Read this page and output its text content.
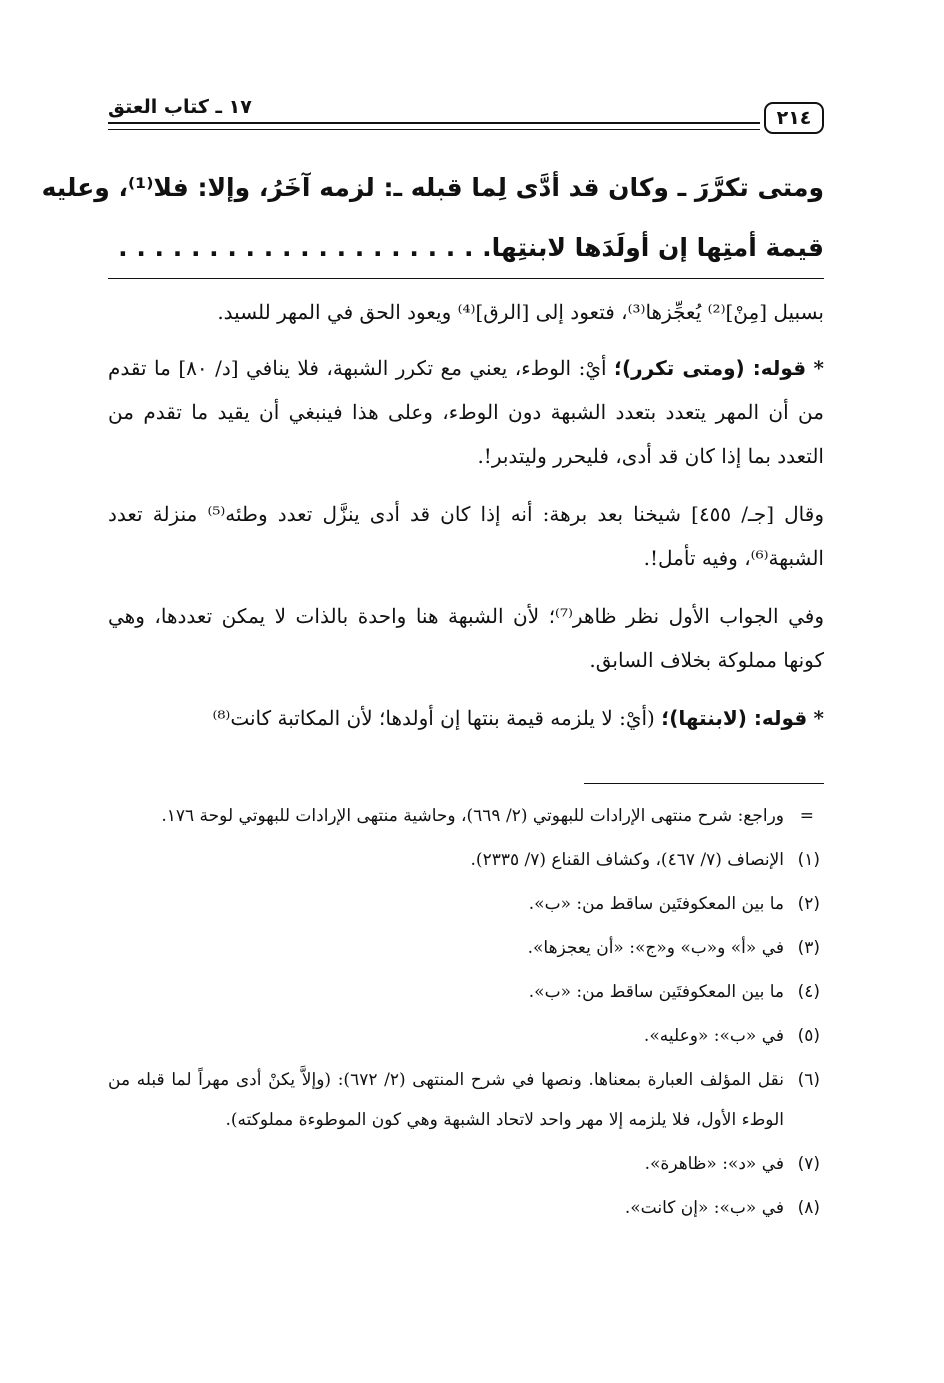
٢١٤
١٧ ـ كتاب العتق
ومتى تكرَّرَ ـ وكان قد أدَّى لِما قبله ـ: لزمه آخَرُ، وإلا: فلا⁽¹⁾، وعليه
قيمة أمتِها إن أولَدَها لابنتِها. . . . . . . . . . . . . . . . . . . . .

بسبيل [مِنْ]⁽²⁾ يُعجِّزها⁽³⁾، فتعود إلى [الرق]⁽⁴⁾ ويعود الحق في المهر للسيد.

* قوله: (ومتى تكرر)؛ أيْ: الوطء، يعني مع تكرر الشبهة، فلا ينافي [د/ ٨٠] ما تقدم من أن المهر يتعدد بتعدد الشبهة دون الوطء، وعلى هذا فينبغي أن يقيد ما تقدم من التعدد بما إذا كان قد أدى، فليحرر وليتدبر!.

وقال [جـ/ ٤٥٥] شيخنا بعد برهة: أنه إذا كان قد أدى ينزَّل تعدد وطئه⁽⁵⁾ منزلة تعدد الشبهة⁽⁶⁾، وفيه تأمل!.

وفي الجواب الأول نظر ظاهر⁽⁷⁾؛ لأن الشبهة هنا واحدة بالذات لا يمكن تعددها، وهي كونها مملوكة بخلاف السابق.

* قوله: (لابنتها)؛ (أيْ: لا يلزمه قيمة بنتها إن أولدها؛ لأن المكاتبة كانت⁽⁸⁾

=
وراجع: شرح منتهى الإرادات للبهوتي (٢/ ٦٦٩)، وحاشية منتهى الإرادات للبهوتي لوحة ١٧٦.
(١)
الإنصاف (٧/ ٤٦٧)، وكشاف القناع (٧/ ٢٣٣٥).
(٢)
ما بين المعكوفتَين ساقط من: «ب».
(٣)
في «أ» و«ب» و«ج»: «أن يعجزها».
(٤)
ما بين المعكوفتَين ساقط من: «ب».
(٥)
في «ب»: «وعليه».
(٦)
نقل المؤلف العبارة بمعناها. ونصها في شرح المنتهى (٢/ ٦٧٢): (وإلاَّ يكنْ أدى مهراً لما قبله من الوطء الأول، فلا يلزمه إلا مهر واحد لاتحاد الشبهة وهي كون الموطوءة مملوكته).
(٧)
في «د»: «ظاهرة».
(٨)
في «ب»: «إن كانت».
